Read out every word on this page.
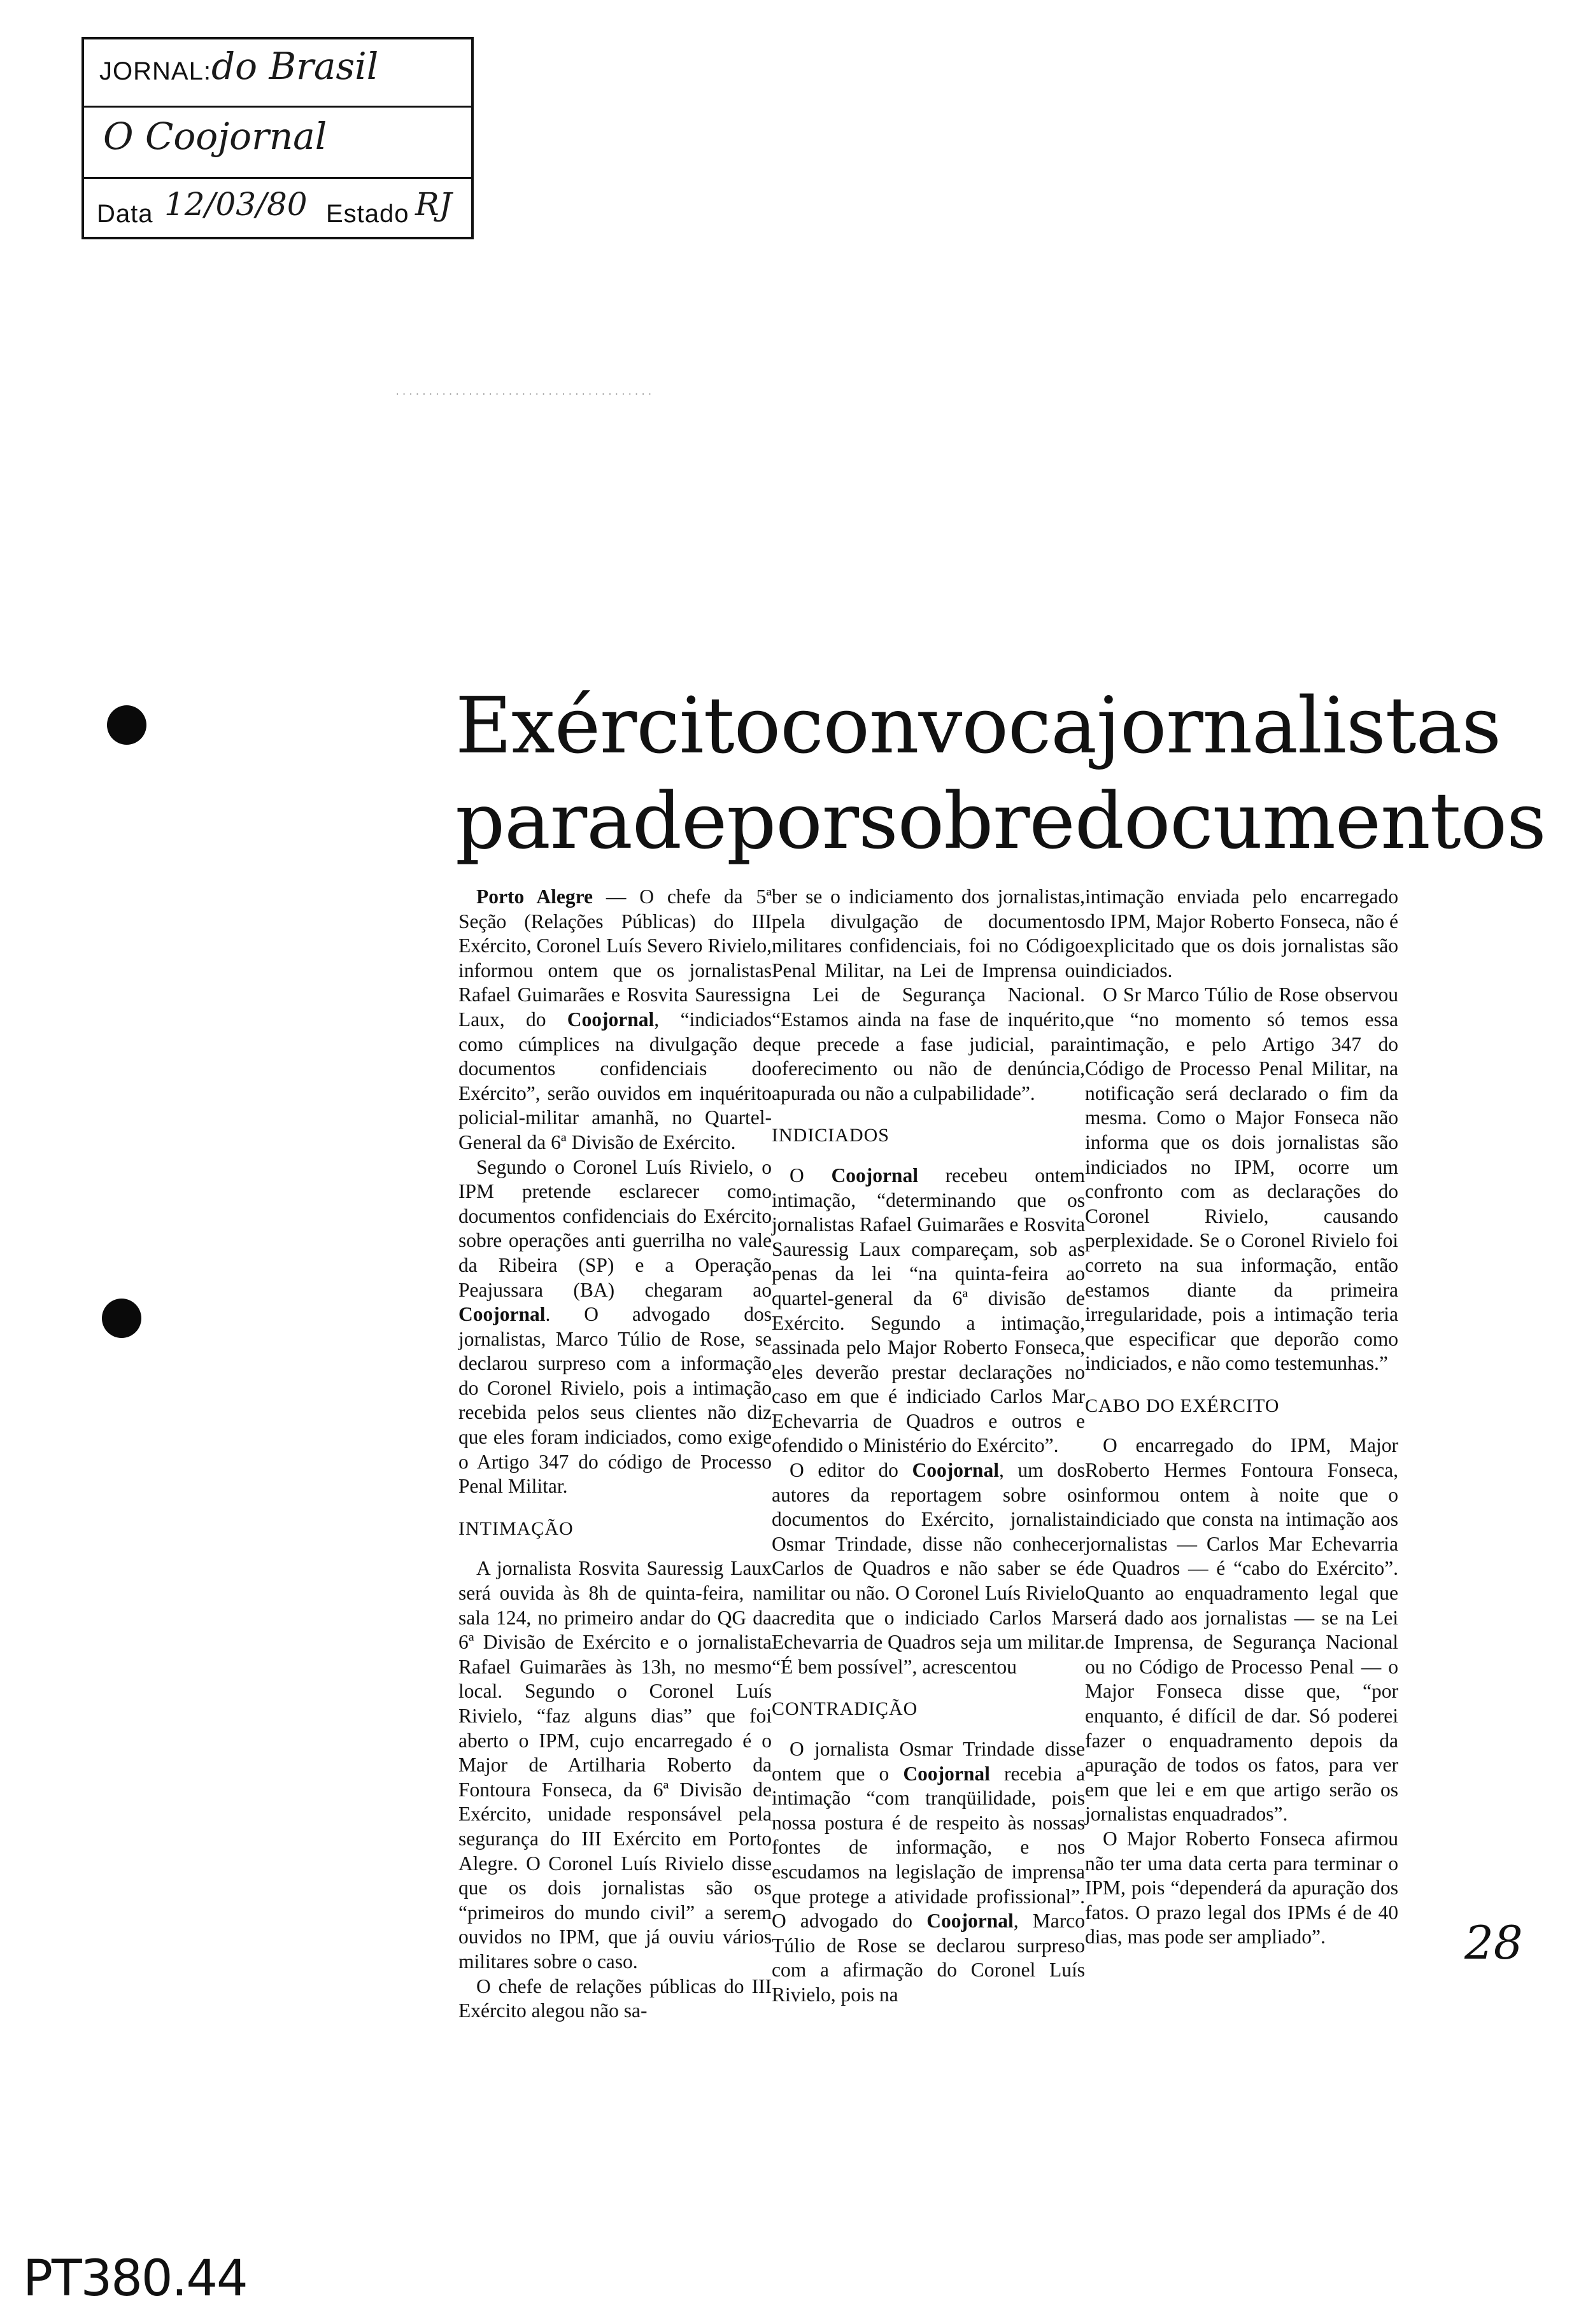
JORNAL: do Brasil
O Coojornal
Data 12/03/80 Estado RJ
·······································
Exército convoca jornalistas
para depor sobre documentos

Porto Alegre — O chefe da 5ª Seção (Relações Públicas) do III Exército, Coronel Luís Severo Rivielo, informou ontem que os jornalistas Rafael Guimarães e Rosvita Sauressig Laux, do Coojornal, “indiciados como cúmplices na divulgação de documentos confidenciais do Exército”, serão ouvidos em inquérito policial-militar amanhã, no Quartel-General da 6ª Divisão de Exército.

Segundo o Coronel Luís Rivielo, o IPM pretende esclarecer como documentos confidenciais do Exército sobre operações anti guerrilha no vale da Ribeira (SP) e a Operação Peajussara (BA) chegaram ao Coojornal. O advogado dos jornalistas, Marco Túlio de Rose, se declarou surpreso com a informação do Coronel Rivielo, pois a intimação recebida pelos seus clientes não diz que eles foram indiciados, como exige o Artigo 347 do código de Processo Penal Militar.

INTIMAÇÃO

A jornalista Rosvita Sauressig Laux será ouvida às 8h de quinta-feira, na sala 124, no primeiro andar do QG da 6ª Divisão de Exército e o jornalista Rafael Guimarães às 13h, no mesmo local. Segundo o Coronel Luís Rivielo, “faz alguns dias” que foi aberto o IPM, cujo encarregado é o Major de Artilharia Roberto da Fontoura Fonseca, da 6ª Divisão de Exército, unidade responsável pela segurança do III Exército em Porto Alegre. O Coronel Luís Rivielo disse que os dois jornalistas são os “primeiros do mundo civil” a serem ouvidos no IPM, que já ouviu vários militares sobre o caso.

O chefe de relações públicas do III Exército alegou não sa-

ber se o indiciamento dos jornalistas, pela divulgação de documentos militares confidenciais, foi no Código Penal Militar, na Lei de Imprensa ou na Lei de Segurança Nacional. “Estamos ainda na fase de inquérito, que precede a fase judicial, para oferecimento ou não de denúncia, apurada ou não a culpabilidade”.

INDICIADOS

O Coojornal recebeu ontem intimação, “determinando que os jornalistas Rafael Guimarães e Rosvita Sauressig Laux compareçam, sob as penas da lei “na quinta-feira ao quartel-general da 6ª divisão de Exército. Segundo a intimação, assinada pelo Major Roberto Fonseca, eles deverão prestar declarações no caso em que é indiciado Carlos Mar Echevarria de Quadros e outros e ofendido o Ministério do Exército”.

O editor do Coojornal, um dos autores da reportagem sobre os documentos do Exército, jornalista Osmar Trindade, disse não conhecer Carlos de Quadros e não saber se é militar ou não. O Coronel Luís Rivielo acredita que o indiciado Carlos Mar Echevarria de Quadros seja um militar. “É bem possível”, acrescentou

CONTRADIÇÃO

O jornalista Osmar Trindade disse ontem que o Coojornal recebia a intimação “com tranqüilidade, pois nossa postura é de respeito às nossas fontes de informação, e nos escudamos na legislação de imprensa que protege a atividade profissional”. O advogado do Coojornal, Marco Túlio de Rose se declarou surpreso com a afirmação do Coronel Luís Rivielo, pois na

intimação enviada pelo encarregado do IPM, Major Roberto Fonseca, não é explicitado que os dois jornalistas são indiciados.

O Sr Marco Túlio de Rose observou que “no momento só temos essa intimação, e pelo Artigo 347 do Código de Processo Penal Militar, na notificação será declarado o fim da mesma. Como o Major Fonseca não informa que os dois jornalistas são indiciados no IPM, ocorre um confronto com as declarações do Coronel Rivielo, causando perplexidade. Se o Coronel Rivielo foi correto na sua informação, então estamos diante da primeira irregularidade, pois a intimação teria que especificar que deporão como indiciados, e não como testemunhas.”

CABO DO EXÉRCITO

O encarregado do IPM, Major Roberto Hermes Fontoura Fonseca, informou ontem à noite que o indiciado que consta na intimação aos jornalistas — Carlos Mar Echevarria de Quadros — é “cabo do Exército”. Quanto ao enquadramento legal que será dado aos jornalistas — se na Lei de Imprensa, de Segurança Nacional ou no Código de Processo Penal — o Major Fonseca disse que, “por enquanto, é difícil de dar. Só poderei fazer o enquadramento depois da apuração de todos os fatos, para ver em que lei e em que artigo serão os jornalistas enquadrados”.

O Major Roberto Fonseca afirmou não ter uma data certa para terminar o IPM, pois “dependerá da apuração dos fatos. O prazo legal dos IPMs é de 40 dias, mas pode ser ampliado”.	28
PT380.44
